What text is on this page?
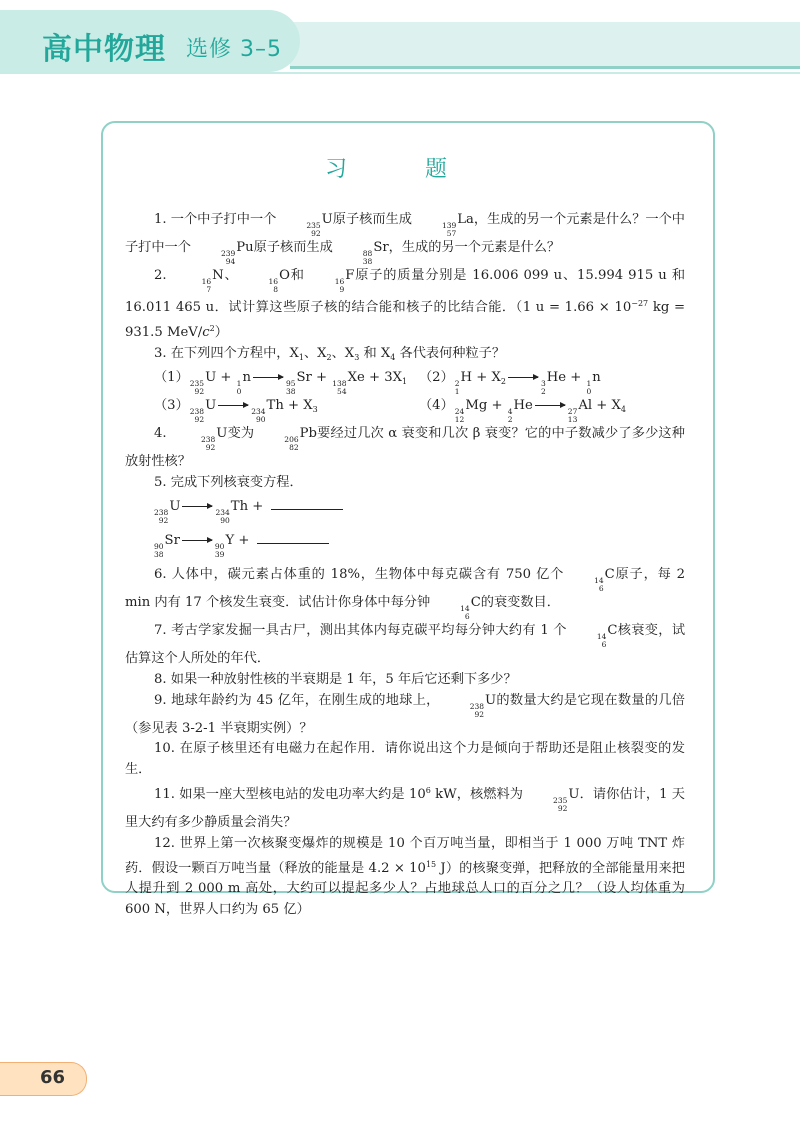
高中物理 选修 3–5
习　题

1. 一个中子打中一个	235
92
U原子核而生成	139
57
La，生成的另一个元素是什么？一个中子打中一个	239
94
Pu原子核而生成	88
38
Sr，生成的另一个元素是什么？

2.	16
7
N、	16
8
O和	16
9
F原子的质量分别是 16.006 099 u、15.994 915 u 和 16.011 465 u．试计算这些原子核的结合能和核子的比结合能．（1 $u = 1.66 \times 10^{-27}$ kg = 931.5 MeV/$c^2$）

3. 在下列四个方程中，$X_1$、$X_2$、$X_3$ 和 $X_4$ 各代表何种粒子？

（1） 235
92
U + 1
0
n	95
38
Sr + 138
54
$Xe + 3X_1$ （2） 2
1
$H + X_2$	3
2
He + 1
0
n
（3） 238
92
U	234
90
$Th + X_3$	（4） 24
12
Mg + 4
2
He	27
13
$Al + X_4$

4.	238
92
U变为	206
82
Pb要经过几次 α 衰变和几次 β 衰变？它的中子数减少了多少这种放射性核？

5. 完成下列核衰变方程．

238
92
U	234
90
Th +
90
38
Sr	90
39
Y +

6. 人体中，碳元素占体重的 18%，生物体中每克碳含有 750 亿个	14
6
C原子，每 2 min 内有 17 个核发生衰变．试估计你身体中每分钟	14
6
C的衰变数目．

7. 考古学家发掘一具古尸，测出其体内每克碳平均每分钟大约有 1 个	14
6
C核衰变，试估算这个人所处的年代．

8. 如果一种放射性核的半衰期是 1 年，5 年后它还剩下多少？

9. 地球年龄约为 45 亿年，在刚生成的地球上，	238
92
U的数量大约是它现在数量的几倍（参见表 3-2-1 半衰期实例）？

10. 在原子核里还有电磁力在起作用．请你说出这个力是倾向于帮助还是阻止核裂变的发生．

11. 如果一座大型核电站的发电功率大约是 $10^6$ kW，核燃料为	235
92
U．请你估计，1 天里大约有多少静质量会消失？

12. 世界上第一次核聚变爆炸的规模是 10 个百万吨当量，即相当于 1 000 万吨 TNT 炸药．假设一颗百万吨当量（释放的能量是 $4.2 \times 10^{15}$ J）的核聚变弹，把释放的全部能量用来把人提升到 2 000 m 高处，大约可以提起多少人？占地球总人口的百分之几？（设人均体重为 600 N，世界人口约为 65 亿）

66
